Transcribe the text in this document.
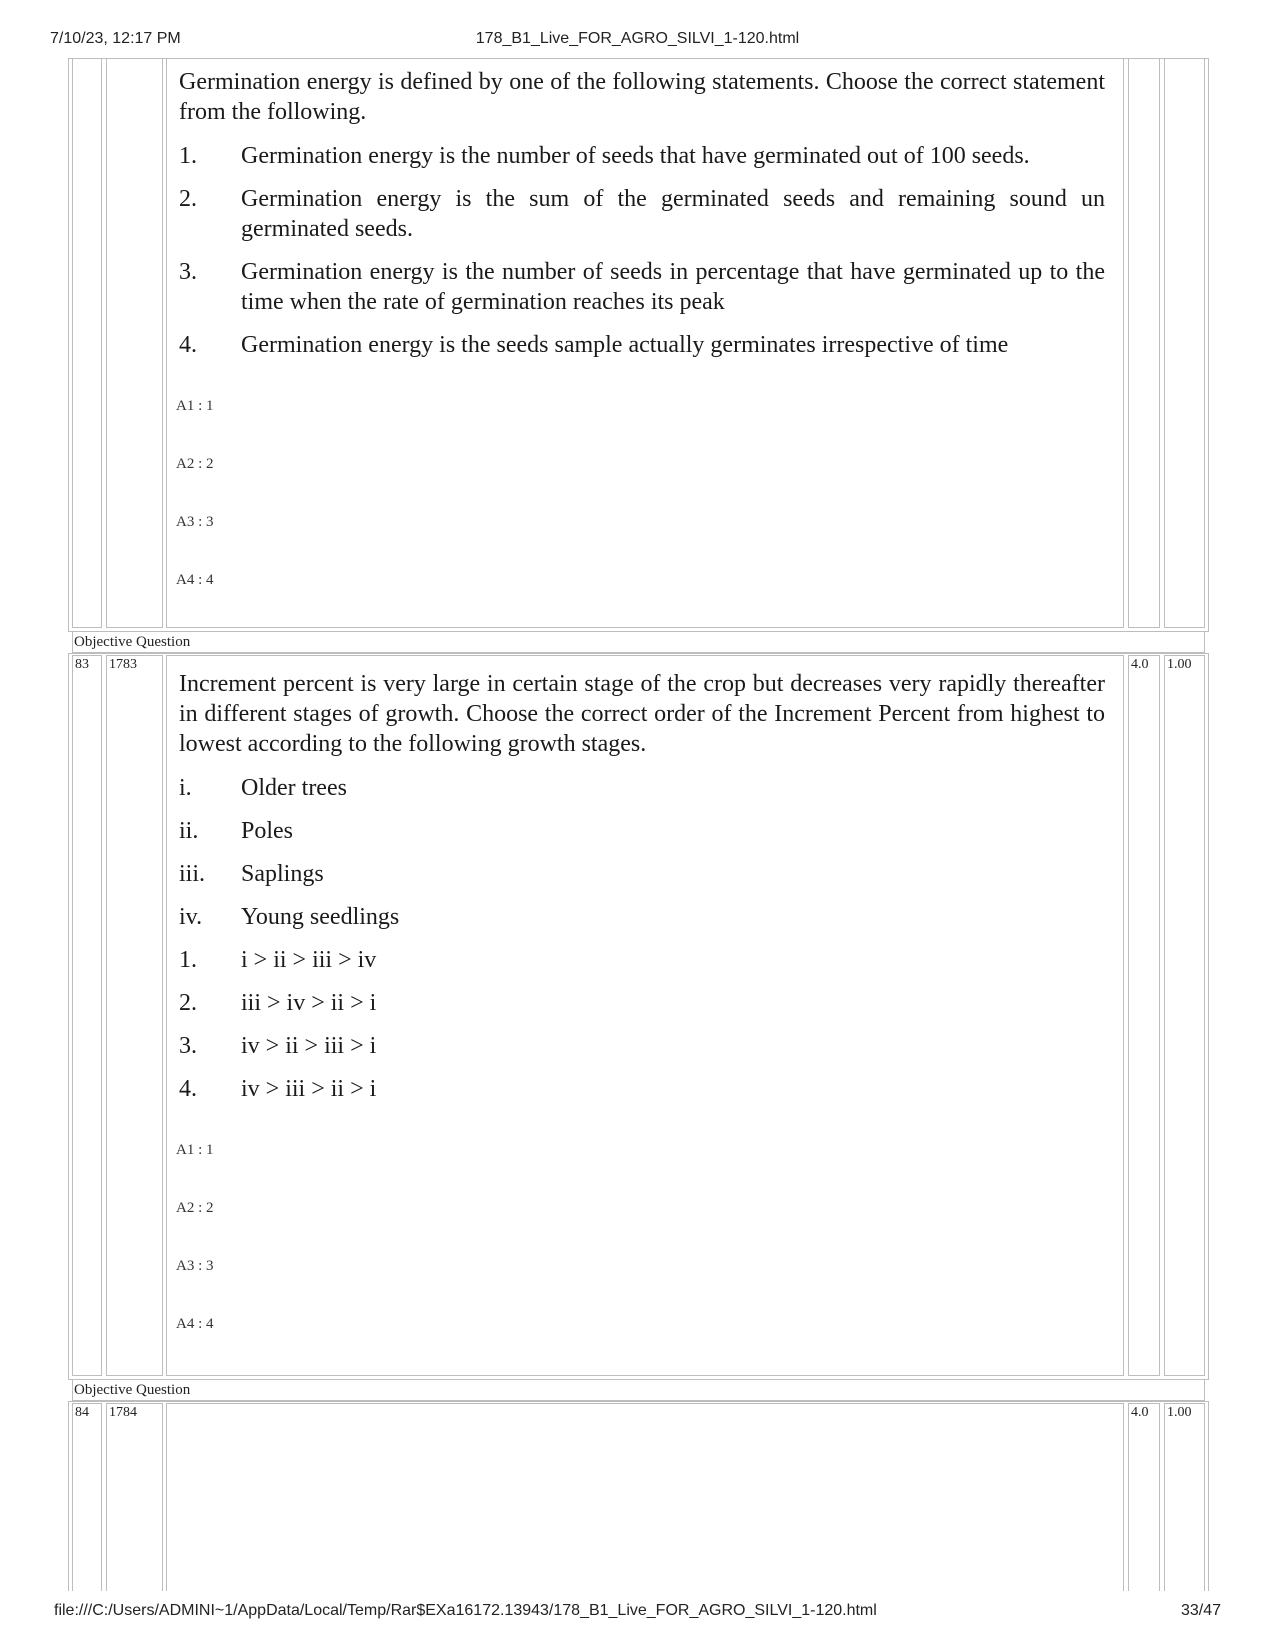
7/10/23, 12:17 PM	178_B1_Live_FOR_AGRO_SILVI_1-120.html

Germination energy is defined by one of the following statements. Choose the correct statement from the following.

1. Germination energy is the number of seeds that have germinated out of 100 seeds.
2. Germination energy is the sum of the germinated seeds and remaining sound un germinated seeds.
3. Germination energy is the number of seeds in percentage that have germinated up to the time when the rate of germination reaches its peak
4. Germination energy is the seeds sample actually germinates irrespective of time
A1 : 1
A2 : 2
A3 : 3
A4 : 4
Objective Question
83 1783	4.0 1.00

Increment percent is very large in certain stage of the crop but decreases very rapidly thereafter in different stages of growth. Choose the correct order of the Increment Percent from highest to lowest according to the following growth stages.

i. Older trees
ii. Poles
iii. Saplings
iv. Young seedlings
1. i > ii > iii > iv
2. iii > iv > ii > i
3. iv > ii > iii > i
4. iv > iii > ii > i
A1 : 1
A2 : 2
A3 : 3
A4 : 4
Objective Question
84 1784	4.0 1.00
file:///C:/Users/ADMINI~1/AppData/Local/Temp/Rar$EXa16172.13943/178_B1_Live_FOR_AGRO_SILVI_1-120.html	33/47
